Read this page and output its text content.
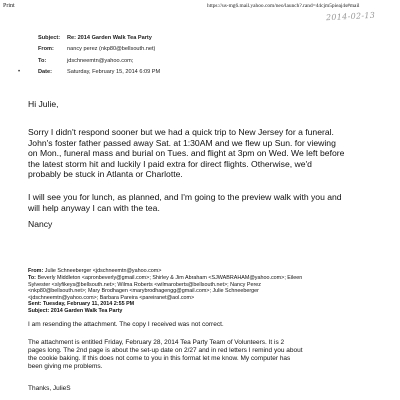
Print	https://us-mg6.mail.yahoo.com/neo/launch?.rand=44cjm5pieaj4s#mail
2014-02-13
Subject: Re: 2014 Garden Walk Tea Party
From: nancy perez (nkp80@bellsouth.net)
To:	jdschneemtn@yahoo.com;
•	Date:	Saturday, February 15, 2014 6:09 PM
Hi Julie,
Sorry I didn't respond sooner but we had a quick trip to New Jersey for a funeral.
John's foster father passed away Sat. at 1:30AM and we flew up Sun. for viewing
on Mon., funeral mass and burial on Tues. and flight at 3pm on Wed. We left before
the latest storm hit and luckily I paid extra for direct flights. Otherwise, we'd
probably be stuck in Atlanta or Charlotte.
I will see you for lunch, as planned, and I'm going to the preview walk with you and
will help anyway I can with the tea.
Nancy
From: Julie Schneeberger <jdschneemtn@yahoo.com>
To: Beverly Middleton <apronbeverly@gmail.com>; Shirley & Jim Abraham <SJWABRAHAM@yahoo.com>; Eileen
Sylvester <slyfikeys@bellsouth.net>; Wilma Roberts <wilmaroberts@bellsouth.net>; Nancy Perez
<nkp80@bellsouth.net>; Mary Brodhagen <marybrodhagengg@gmail.com>; Julie Schneeberger
<jdschneemtn@yahoo.com>; Barbara Pareira <pareiranet@aol.com>
Sent: Tuesday, February 11, 2014 2:55 PM
Subject: 2014 Garden Walk Tea Party
I am resending the attachment. The copy I received was not correct.
The attachment is entitled Friday, February 28, 2014 Tea Party Team of Volunteers. It is 2
pages long. The 2nd page is about the set-up date on 2/27 and in red letters I remind you about
the cookie baking. If this does not come to you in this format let me know. My computer has
been giving me problems.
Thanks, JulieS
